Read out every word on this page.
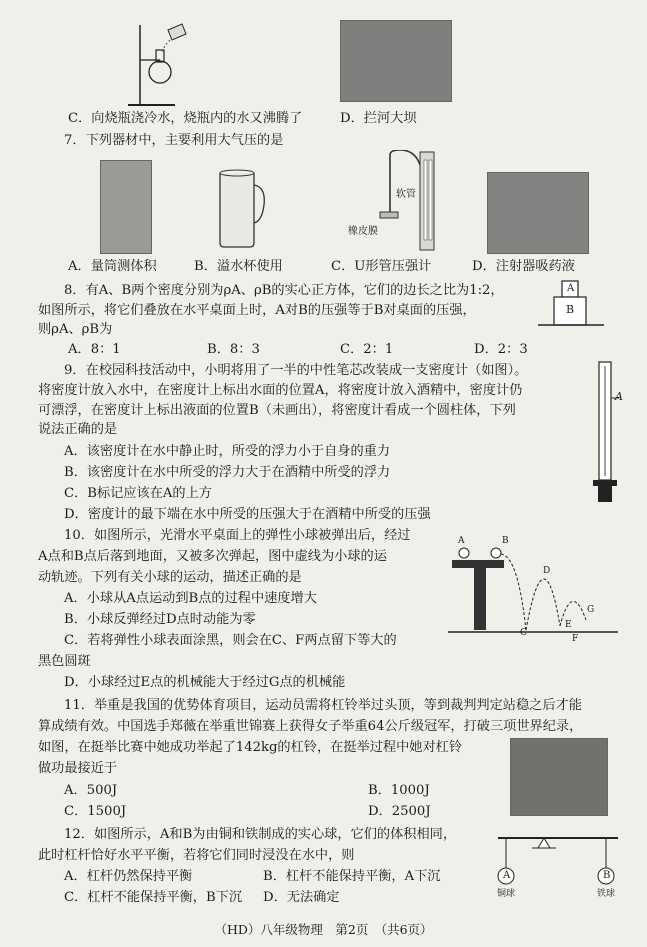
C．向烧瓶浇冷水，烧瓶内的水又沸腾了	D．拦河大坝
7．下列器材中，主要利用大气压的是
软管
橡皮膜
A．量筒测体积	B．溢水杯使用	C．U形管压强计	D．注射器吸药液
8．有A、B两个密度分别为ρA、ρB的实心正方体，它们的边长之比为1:2，
如图所示，将它们叠放在水平桌面上时，A对B的压强等于B对桌面的压强，
则ρA、ρB为
A
B
A．8：1	B．8：3	C．2：1	D．2：3
9．在校园科技活动中，小明将用了一半的中性笔芯改装成一支密度计（如图）。
将密度计放入水中，在密度计上标出水面的位置A，将密度计放入酒精中，密度计仍
可漂浮，在密度计上标出液面的位置B（未画出），将密度计看成一个圆柱体，下列
说法正确的是
A．该密度计在水中静止时，所受的浮力小于自身的重力
B．该密度计在水中所受的浮力大于在酒精中所受的浮力
C．B标记应该在A的上方
D．密度计的最下端在水中所受的压强大于在酒精中所受的压强
A
10．如图所示，光滑水平桌面上的弹性小球被弹出后，经过
A点和B点后落到地面，又被多次弹起，图中虚线为小球的运
动轨迹。下列有关小球的运动，描述正确的是
A．小球从A点运动到B点的过程中速度增大
B．小球反弹经过D点时动能为零
C．若将弹性小球表面涂黑，则会在C、F两点留下等大的
黑色圆斑
D．小球经过E点的机械能大于经过G点的机械能
A	B
C
D
E
F
G
11．举重是我国的优势体育项目，运动员需将杠铃举过头顶，等到裁判判定站稳之后才能
算成绩有效。中国选手郑薇在举重世锦赛上获得女子举重64公斤级冠军，打破三项世界纪录，
如图，在挺举比赛中她成功举起了142kg的杠铃，在挺举过程中她对杠铃
做功最接近于
A．500J	B．1000J
C．1500J	D．2500J
12．如图所示，A和B为由铜和铁制成的实心球，它们的体积相同，
此时杠杆恰好水平平衡，若将它们同时浸没在水中，则
A．杠杆仍然保持平衡	B．杠杆不能保持平衡，A下沉
C．杠杆不能保持平衡，B下沉 D．无法确定
A	B
铜球	铁球
（HD）八年级物理　第2页　（共6页）
